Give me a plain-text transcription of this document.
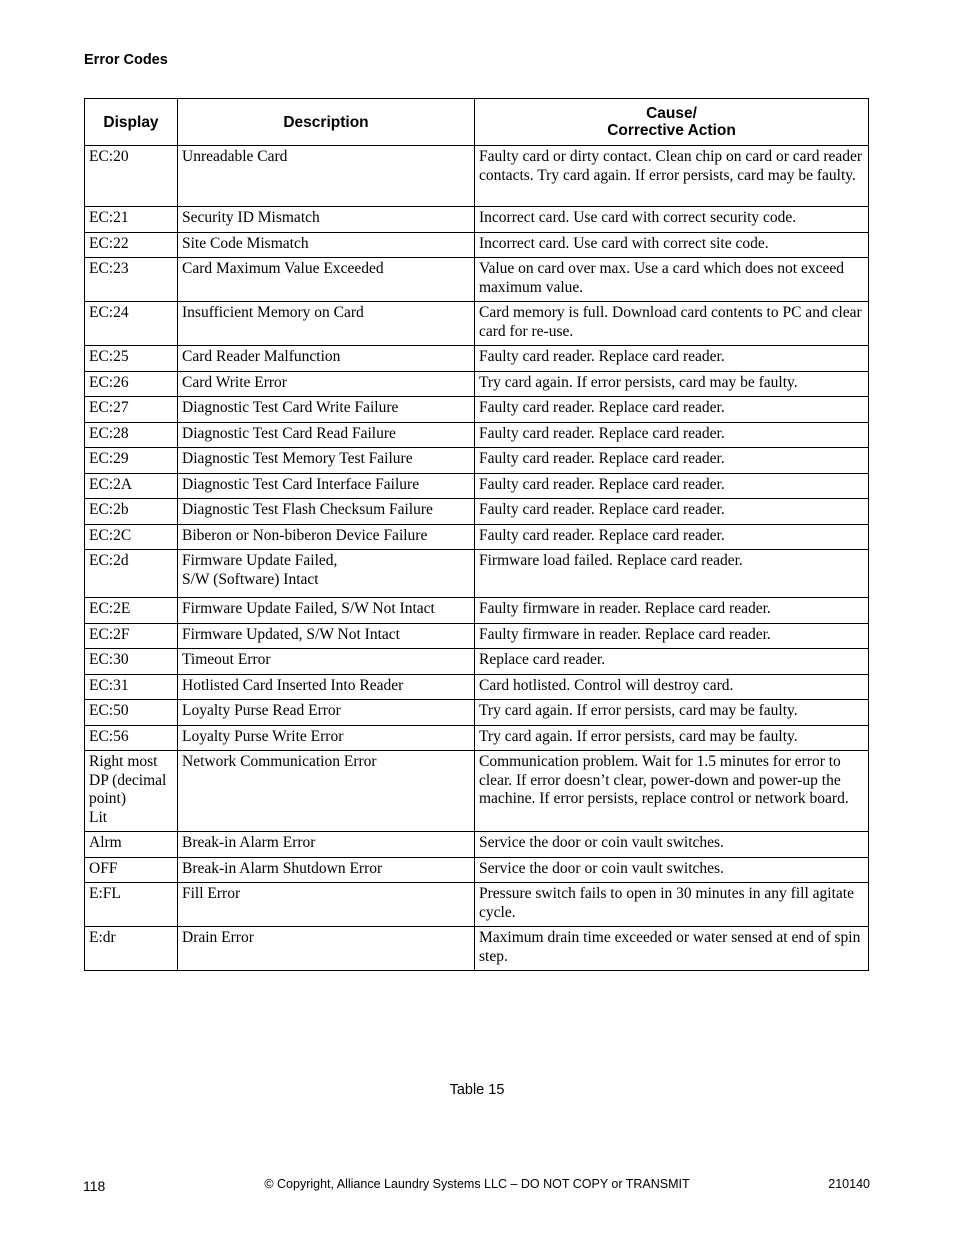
Error Codes
Display	Description	Cause/
Corrective Action
EC:20	Unreadable Card	Faulty card or dirty contact. Clean chip on card or card reader contacts. Try card again. If error persists, card may be faulty.
EC:21	Security ID Mismatch	Incorrect card. Use card with correct security code.
EC:22	Site Code Mismatch	Incorrect card. Use card with correct site code.
EC:23	Card Maximum Value Exceeded	Value on card over max. Use a card which does not exceed maximum value.
EC:24	Insufficient Memory on Card	Card memory is full. Download card contents to PC and clear card for re-use.
EC:25	Card Reader Malfunction	Faulty card reader. Replace card reader.
EC:26	Card Write Error	Try card again. If error persists, card may be faulty.
EC:27	Diagnostic Test Card Write Failure	Faulty card reader. Replace card reader.
EC:28	Diagnostic Test Card Read Failure	Faulty card reader. Replace card reader.
EC:29	Diagnostic Test Memory Test Failure	Faulty card reader. Replace card reader.
EC:2A	Diagnostic Test Card Interface Failure	Faulty card reader. Replace card reader.
EC:2b	Diagnostic Test Flash Checksum Failure	Faulty card reader. Replace card reader.
EC:2C	Biberon or Non-biberon Device Failure	Faulty card reader. Replace card reader.
EC:2d	Firmware Update Failed,
S/W (Software) Intact	Firmware load failed. Replace card reader.
EC:2E	Firmware Update Failed, S/W Not Intact	Faulty firmware in reader. Replace card reader.
EC:2F	Firmware Updated, S/W Not Intact	Faulty firmware in reader. Replace card reader.
EC:30	Timeout Error	Replace card reader.
EC:31	Hotlisted Card Inserted Into Reader	Card hotlisted. Control will destroy card.
EC:50	Loyalty Purse Read Error	Try card again. If error persists, card may be faulty.
EC:56	Loyalty Purse Write Error	Try card again. If error persists, card may be faulty.
Right most
DP (decimal
point)
Lit	Network Communication Error	Communication problem. Wait for 1.5 minutes for error to clear. If error doesn’t clear, power-down and power-up the machine. If error persists, replace control or network board.
Alrm	Break-in Alarm Error	Service the door or coin vault switches.
OFF	Break-in Alarm Shutdown Error	Service the door or coin vault switches.
E:FL	Fill Error	Pressure switch fails to open in 30 minutes in any fill agitate cycle.
E:dr	Drain Error	Maximum drain time exceeded or water sensed at end of spin step.
Table 15
118	© Copyright, Alliance Laundry Systems LLC – DO NOT COPY or TRANSMIT	210140
